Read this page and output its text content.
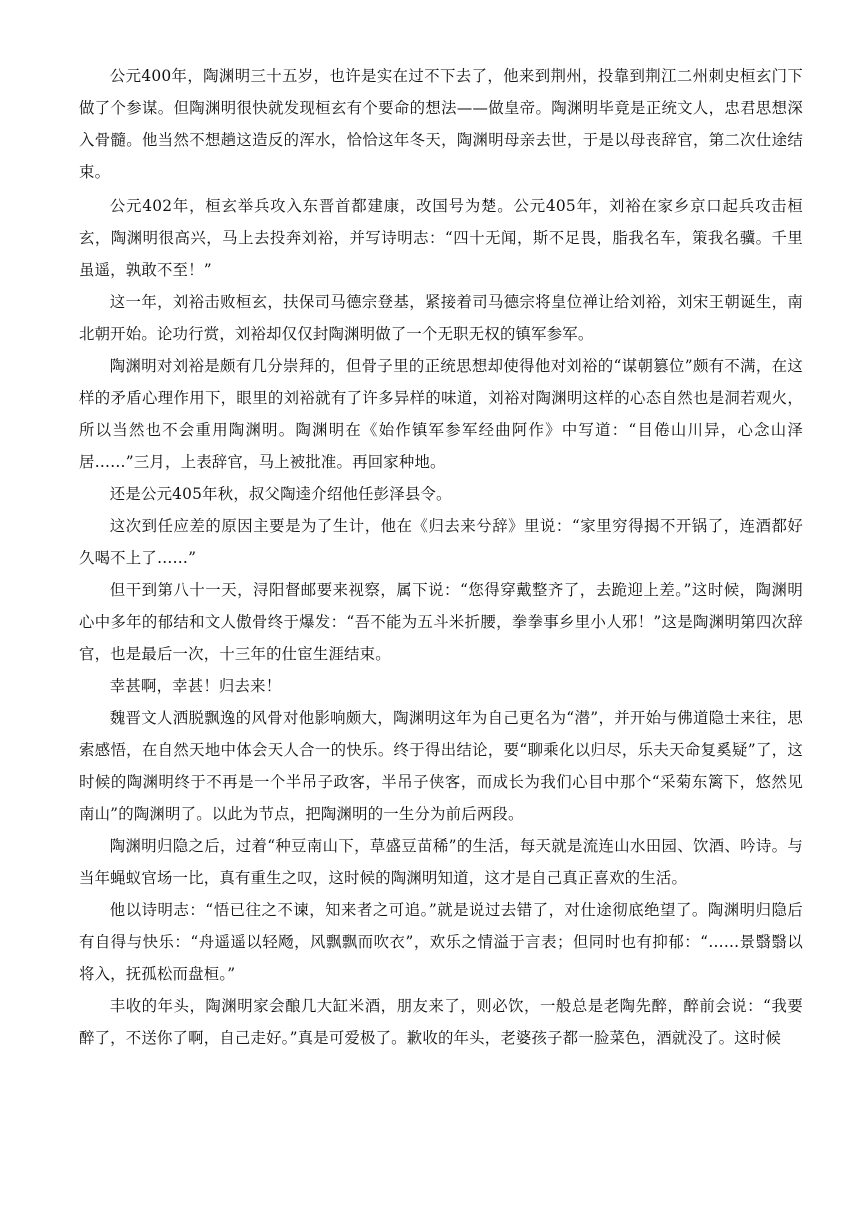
公元400年，陶渊明三十五岁，也许是实在过不下去了，他来到荆州，投靠到荆江二州刺史桓玄门下做了个参谋。但陶渊明很快就发现桓玄有个要命的想法——做皇帝。陶渊明毕竟是正统文人，忠君思想深入骨髓。他当然不想趟这造反的浑水，恰恰这年冬天，陶渊明母亲去世，于是以母丧辞官，第二次仕途结束。

公元402年，桓玄举兵攻入东晋首都建康，改国号为楚。公元405年，刘裕在家乡京口起兵攻击桓玄，陶渊明很高兴，马上去投奔刘裕，并写诗明志：“四十无闻，斯不足畏，脂我名车，策我名骥。千里虽遥，孰敢不至！”

这一年，刘裕击败桓玄，扶保司马德宗登基，紧接着司马德宗将皇位禅让给刘裕，刘宋王朝诞生，南北朝开始。论功行赏，刘裕却仅仅封陶渊明做了一个无职无权的镇军参军。

陶渊明对刘裕是颇有几分崇拜的，但骨子里的正统思想却使得他对刘裕的“谋朝篡位”颇有不满，在这样的矛盾心理作用下，眼里的刘裕就有了许多异样的味道，刘裕对陶渊明这样的心态自然也是洞若观火，所以当然也不会重用陶渊明。陶渊明在《始作镇军参军经曲阿作》中写道：“目倦山川异，心念山泽居……”三月，上表辞官，马上被批准。再回家种地。

还是公元405年秋，叔父陶逵介绍他任彭泽县令。

这次到任应差的原因主要是为了生计，他在《归去来兮辞》里说：“家里穷得揭不开锅了，连酒都好久喝不上了……”

但干到第八十一天，浔阳督邮要来视察，属下说：“您得穿戴整齐了，去跪迎上差。”这时候，陶渊明心中多年的郁结和文人傲骨终于爆发：“吾不能为五斗米折腰，拳拳事乡里小人邪！”这是陶渊明第四次辞官，也是最后一次，十三年的仕宦生涯结束。

幸甚啊，幸甚！归去来！

魏晋文人洒脱飘逸的风骨对他影响颇大，陶渊明这年为自己更名为“潜”，并开始与佛道隐士来往，思索感悟，在自然天地中体会天人合一的快乐。终于得出结论，要“聊乘化以归尽，乐夫天命复奚疑”了，这时候的陶渊明终于不再是一个半吊子政客，半吊子侠客，而成长为我们心目中那个“采菊东篱下，悠然见南山”的陶渊明了。以此为节点，把陶渊明的一生分为前后两段。

陶渊明归隐之后，过着“种豆南山下，草盛豆苗稀”的生活，每天就是流连山水田园、饮酒、吟诗。与当年蝇蚁官场一比，真有重生之叹，这时候的陶渊明知道，这才是自己真正喜欢的生活。

他以诗明志：“悟已往之不谏，知来者之可追。”就是说过去错了，对仕途彻底绝望了。陶渊明归隐后有自得与快乐：“舟遥遥以轻飏，风飘飘而吹衣”，欢乐之情溢于言表；但同时也有抑郁：“……景翳翳以将入，抚孤松而盘桓。”

丰收的年头，陶渊明家会酿几大缸米酒，朋友来了，则必饮，一般总是老陶先醉，醉前会说：“我要醉了，不送你了啊，自己走好。”真是可爱极了。歉收的年头，老婆孩子都一脸菜色，酒就没了。这时候
